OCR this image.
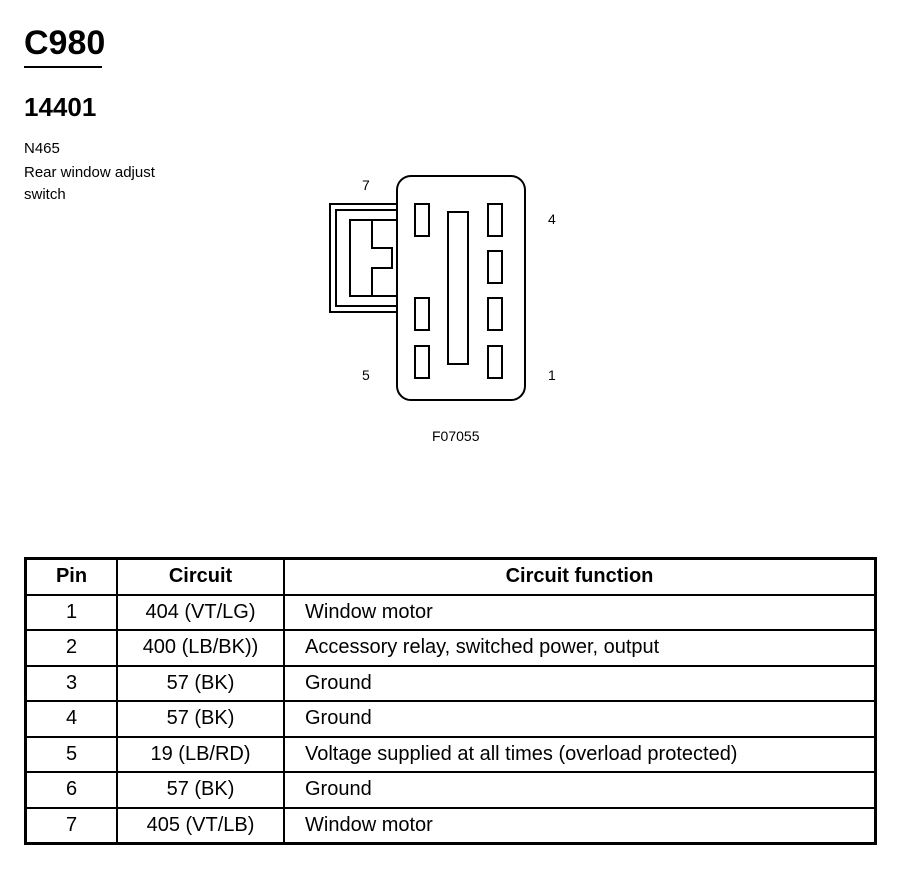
C980
14401
N465
Rear window adjust switch
7
4
5	1
F07055
Pin	Circuit	Circuit function
1	404 (VT/LG)	Window motor
2	400 (LB/BK))	Accessory relay, switched power, output
3	57 (BK)	Ground
4	57 (BK)	Ground
5	19 (LB/RD)	Voltage supplied at all times (overload protected)
6	57 (BK)	Ground
7	405 (VT/LB)	Window motor
